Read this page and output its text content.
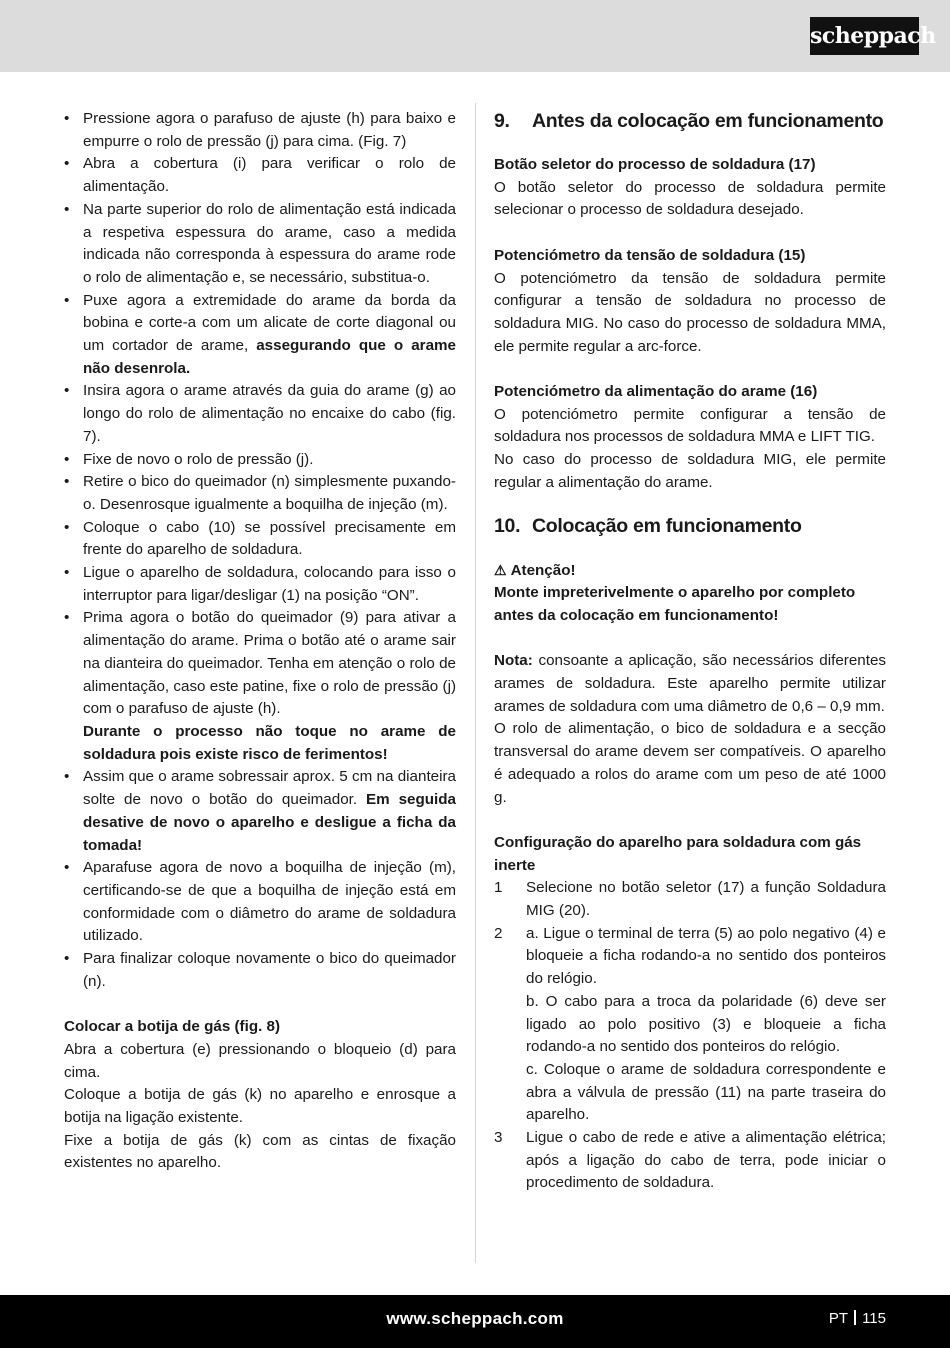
scheppach
• Pressione agora o parafuso de ajuste (h) para baixo e empurre o rolo de pressão (j) para cima. (Fig. 7)
• Abra a cobertura (i) para verificar o rolo de alimentação.
• Na parte superior do rolo de alimentação está indicada a respetiva espessura do arame, caso a medida indicada não corresponda à espessura do arame rode o rolo de alimentação e, se necessário, substitua-o.
• Puxe agora a extremidade do arame da borda da bobina e corte-a com um alicate de corte diagonal ou um cortador de arame, assegurando que o arame não desenrola.
• Insira agora o arame através da guia do arame (g) ao longo do rolo de alimentação no encaixe do cabo (fig. 7).
• Fixe de novo o rolo de pressão (j).
• Retire o bico do queimador (n) simplesmente puxando-o. Desenrosque igualmente a boquilha de injeção (m).
• Coloque o cabo (10) se possível precisamente em frente do aparelho de soldadura.
• Ligue o aparelho de soldadura, colocando para isso o interruptor para ligar/desligar (1) na posição “ON”.
• Prima agora o botão do queimador (9) para ativar a alimentação do arame. Prima o botão até o arame sair na dianteira do queimador. Tenha em atenção o rolo de alimentação, caso este patine, fixe o rolo de pressão (j) com o parafuso de ajuste (h).
Durante o processo não toque no arame de soldadura pois existe risco de ferimentos!
• Assim que o arame sobressair aprox. 5 cm na dianteira solte de novo o botão do queimador. Em seguida desative de novo o aparelho e desligue a ficha da tomada!
• Aparafuse agora de novo a boquilha de injeção (m), certificando-se de que a boquilha de injeção está em conformidade com o diâmetro do arame de soldadura utilizado.
• Para finalizar coloque novamente o bico do queimador (n).
Colocar a botija de gás (fig. 8)

Abra a cobertura (e) pressionando o bloqueio (d) para cima.

Coloque a botija de gás (k) no aparelho e enrosque a botija na ligação existente.

Fixe a botija de gás (k) com as cintas de fixação existentes no aparelho.

9.	Antes da colocação em funcionamento
Botão seletor do processo de soldadura (17)

O botão seletor do processo de soldadura permite selecionar o processo de soldadura desejado.

Potenciómetro da tensão de soldadura (15)

O potenciómetro da tensão de soldadura permite configurar a tensão de soldadura no processo de soldadura MIG. No caso do processo de soldadura MMA, ele permite regular a arc-force.

Potenciómetro da alimentação do arame (16)

O potenciómetro permite configurar a tensão de soldadura nos processos de soldadura MMA e LIFT TIG.

No caso do processo de soldadura MIG, ele permite regular a alimentação do arame.

10. Colocação em funcionamento
⚠ Atenção!

Monte impreterivelmente o aparelho por completo antes da colocação em funcionamento!

Nota: consoante a aplicação, são necessários diferentes arames de soldadura. Este aparelho permite utilizar arames de soldadura com uma diâmetro de 0,6 – 0,9 mm.

O rolo de alimentação, o bico de soldadura e a secção transversal do arame devem ser compatíveis. O aparelho é adequado a rolos do arame com um peso de até 1000 g.

Configuração do aparelho para soldadura com gás inerte
1	Selecione no botão seletor (17) a função Soldadura MIG (20).
2	a. Ligue o terminal de terra (5) ao polo negativo (4) e bloqueie a ficha rodando-a no sentido dos ponteiros do relógio.
b. O cabo para a troca da polaridade (6) deve ser ligado ao polo positivo (3) e bloqueie a ficha rodando-a no sentido dos ponteiros do relógio.
c. Coloque o arame de soldadura correspondente e abra a válvula de pressão (11) na parte traseira do aparelho.
3	Ligue o cabo de rede e ative a alimentação elétrica; após a ligação do cabo de terra, pode iniciar o procedimento de soldadura.
www.scheppach.com	PT 115
